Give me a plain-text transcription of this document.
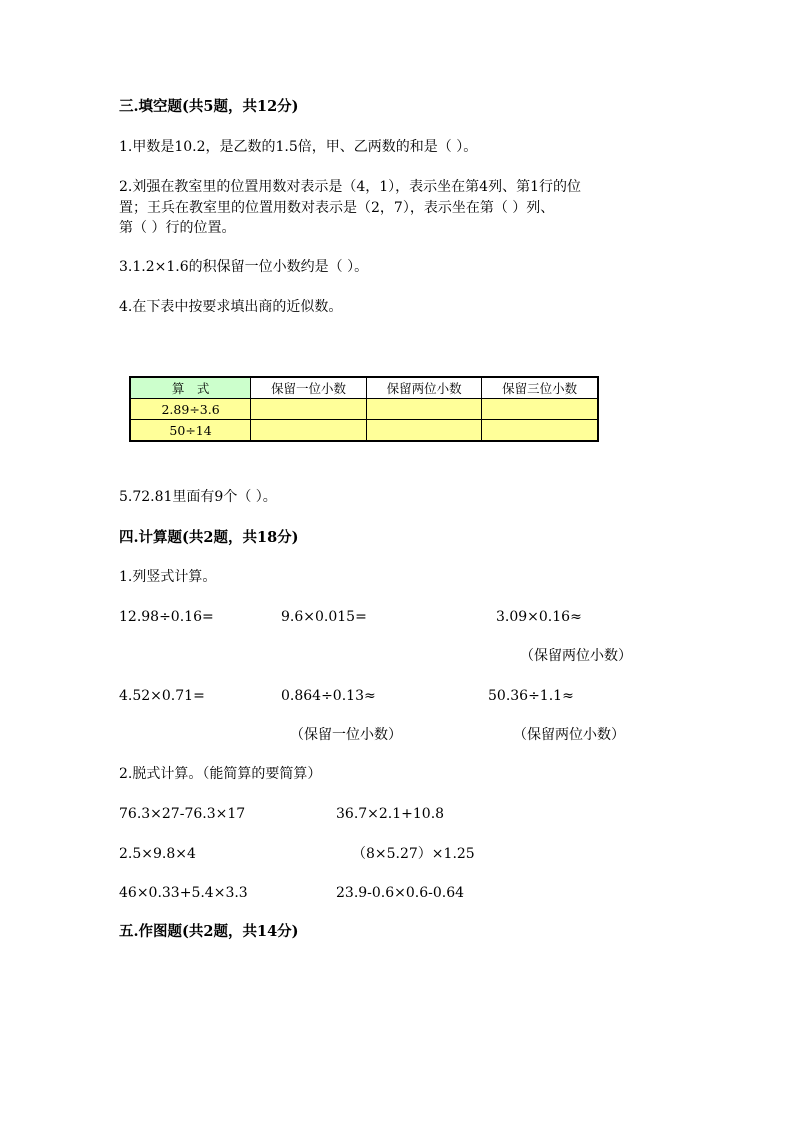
三.填空题(共5题，共12分)
1.甲数是10.2，是乙数的1.5倍，甲、乙两数的和是（ ）。
2.刘强在教室里的位置用数对表示是（4，1），表示坐在第4列、第1行的位
置；王兵在教室里的位置用数对表示是（2，7），表示坐在第（ ）列、
第（ ）行的位置。
3.1.2×1.6的积保留一位小数约是（ ）。
4.在下表中按要求填出商的近似数。
算　式	保留一位小数	保留两位小数	保留三位小数
2.89÷3.6			
50÷14			
5.72.81里面有9个（ ）。
四.计算题(共2题，共18分)
1.列竖式计算。
12.98÷0.16=	9.6×0.015=	3.09×0.16≈
（保留两位小数）
4.52×0.71=	0.864÷0.13≈	50.36÷1.1≈
（保留一位小数）	（保留两位小数）
2.脱式计算。（能简算的要简算）
76.3×27-76.3×17	36.7×2.1+10.8
2.5×9.8×4	（8×5.27）×1.25
46×0.33+5.4×3.3	23.9-0.6×0.6-0.64
五.作图题(共2题，共14分)
